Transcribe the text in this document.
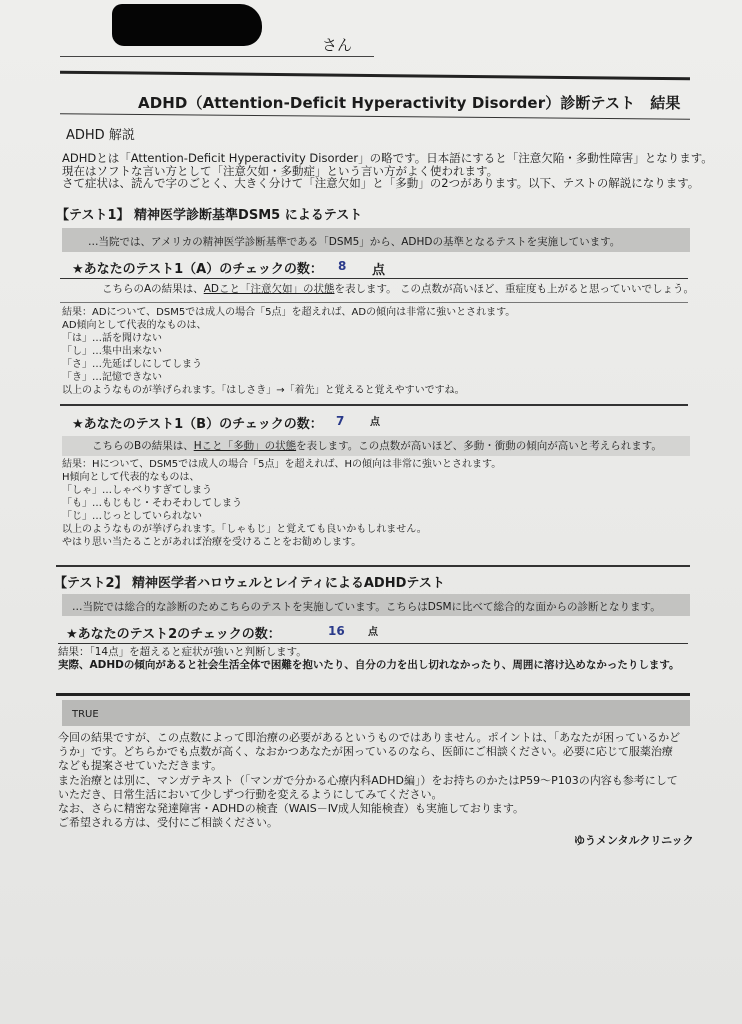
さん
ADHD（Attention-Deficit Hyperactivity Disorder）診断テスト　結果
ADHD 解説
ADHDとは「Attention-Deficit Hyperactivity Disorder」の略です。日本語にすると「注意欠陥・多動性障害」となります。
現在はソフトな言い方として「注意欠如・多動症」という言い方がよく使われます。
さて症状は、読んで字のごとく、大きく分けて「注意欠如」と「多動」の2つがあります。以下、テストの解説になります。
【テスト1】 精神医学診断基準DSM5 によるテスト
…当院では、アメリカの精神医学診断基準である「DSM5」から、ADHDの基準となるテストを実施しています。
★あなたのテスト1（A）のチェックの数： 8 点
こちらのAの結果は、ADこと「注意欠如」の状態を表します。 この点数が高いほど、重症度も上がると思っていいでしょう。
結果：ADについて、DSM5では成人の場合「5点」を超えれば、ADの傾向は非常に強いとされます。
AD傾向として代表的なものは、
「は」…話を聞けない
「し」…集中出来ない
「さ」…先延ばしにしてしまう
「き」…記憶できない
以上のようなものが挙げられます。「はしさき」→「着先」と覚えると覚えやすいですね。
★あなたのテスト1（B）のチェックの数： 7	点
こちらのBの結果は、Hこと「多動」の状態を表します。この点数が高いほど、多動・衝動の傾向が高いと考えられます。
結果：Hについて、DSM5では成人の場合「5点」を超えれば、Hの傾向は非常に強いとされます。
H傾向として代表的なものは、
「しゃ」…しゃべりすぎてしまう
「も」…もじもじ・そわそわしてしまう
「じ」…じっとしていられない
以上のようなものが挙げられます。「しゃもじ」と覚えても良いかもしれません。
やはり思い当たることがあれば治療を受けることをお勧めします。
【テスト2】 精神医学者ハロウェルとレイティによるADHDテスト
…当院では総合的な診断のためこちらのテストを実施しています。こちらはDSMに比べて総合的な面からの診断となります。
★あなたのテスト2のチェックの数：	16 点
結果：「14点」を超えると症状が強いと判断します。
実際、ADHDの傾向があると社会生活全体で困難を抱いたり、自分の力を出し切れなかったり、周囲に溶け込めなかったりします。
TRUE
今回の結果ですが、この点数によって即治療の必要があるというものではありません。ポイントは、「あなたが困っているかど
うか」です。どちらかでも点数が高く、なおかつあなたが困っているのなら、医師にご相談ください。必要に応じて服薬治療
なども提案させていただきます。
また治療とは別に、マンガテキスト（「マンガで分かる心療内科ADHD編」）をお持ちのかたはP59〜P103の内容も参考にして
いただき、日常生活において少しずつ行動を変えるようにしてみてください。
なお、さらに精密な発達障害・ADHDの検査（WAIS－Ⅳ成人知能検査）も実施しております。
ご希望される方は、受付にご相談ください。
ゆうメンタルクリニック
